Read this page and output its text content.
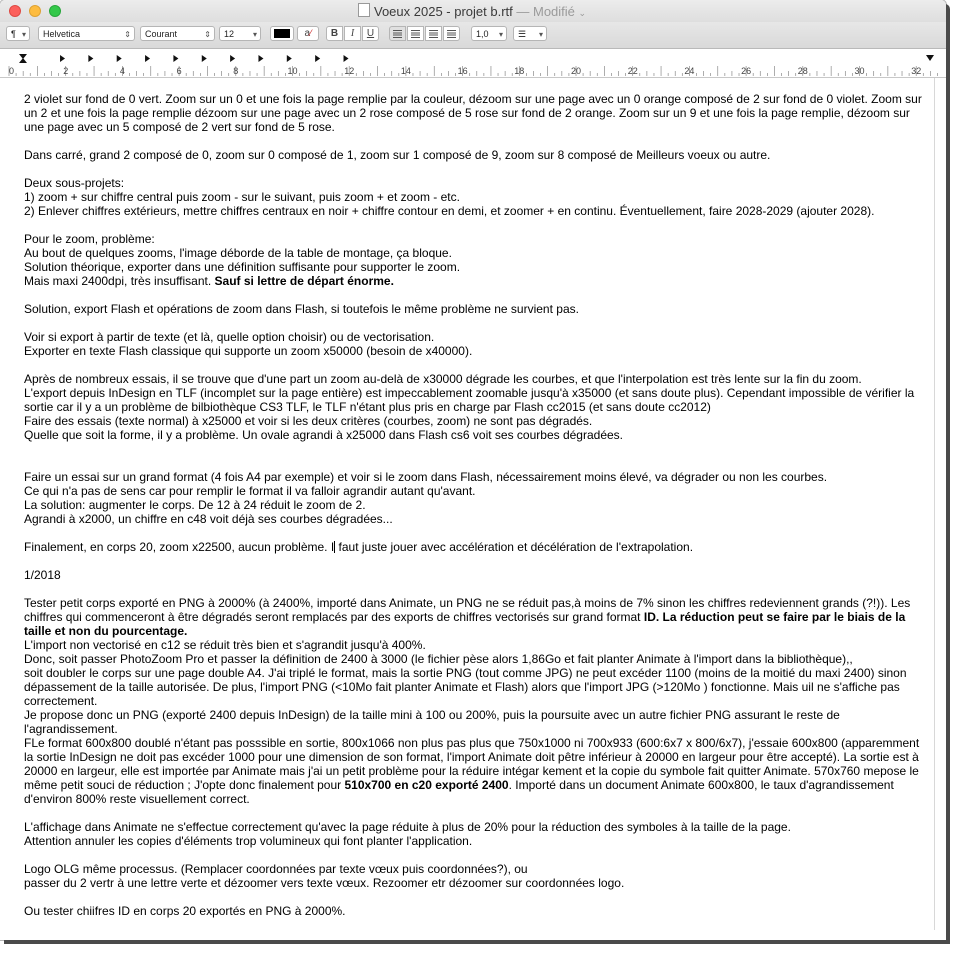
Voeux 2025 - projet b.rtf — Modifié ⌄
¶ ▾	Helvetica	⇕	Courant	⇕	12 ▾	a⁄	B	I	U	1,0 ▾	☰ ▾
0	2	4	6	8	10	12	14	16	18	20	22	24	26	28	30	32

2 violet sur fond de 0 vert. Zoom sur un 0 et une fois la page remplie par la couleur, dézoom sur une page avec un 0 orange composé de 2 sur fond de 0 violet. Zoom sur un 2 et une fois la page remplie dézoom sur une page avec un 2 rose composé de 5 rose sur fond de 2 orange. Zoom sur un 9 et une fois la page remplie, dézoom sur une page avec un 5 composé de 2 vert sur fond de 5 rose.

Dans carré, grand 2 composé de 0, zoom sur 0 composé de 1, zoom sur 1 composé de 9, zoom sur 8 composé de Meilleurs voeux ou autre.

Deux sous-projets:

1) zoom + sur chiffre central puis zoom - sur le suivant, puis zoom + et zoom - etc.

2) Enlever chiffres extérieurs, mettre chiffres centraux en noir + chiffre contour en demi, et zoomer + en continu. Éventuellement, faire 2028-2029 (ajouter 2028).

Pour le zoom, problème:

Au bout de quelques zooms, l'image déborde de la table de montage, ça bloque.

Solution théorique, exporter dans une définition suffisante pour supporter le zoom.

Mais maxi 2400dpi, très insuffisant. Sauf si lettre de départ énorme.

Solution, export Flash et opérations de zoom dans Flash, si toutefois le même problème ne survient pas.

Voir si export à partir de texte (et là, quelle option choisir) ou de vectorisation.

Exporter en texte Flash classique qui supporte un zoom x50000 (besoin de x40000).

Après de nombreux essais, il se trouve que d'une part un zoom au-delà de x30000 dégrade les courbes, et que l'interpolation est très lente sur la fin du zoom.

L'export depuis InDesign en TLF (incomplet sur la page entière) est impeccablement zoomable jusqu'à x35000 (et sans doute plus). Cependant impossible de vérifier la sortie car il y a un problème de bilbiothèque CS3 TLF, le TLF n'étant plus pris en charge par Flash cc2015 (et sans doute cc2012)

Faire des essais (texte normal) à x25000 et voir si les deux critères (courbes, zoom) ne sont pas dégradés.

Quelle que soit la forme, il y a problème. Un ovale agrandi à x25000 dans Flash cs6 voit ses courbes dégradées.

Faire un essai sur un grand format (4 fois A4 par exemple) et voir si le zoom dans Flash, nécessairement moins élevé, va dégrader ou non les courbes.

Ce qui n'a pas de sens car pour remplir le format il va falloir agrandir autant qu'avant.

La solution: augmenter le corps. De 12 à 24 réduit le zoom de 2.

Agrandi à x2000, un chiffre en c48 voit déjà ses courbes dégradées...

Finalement, en corps 20, zoom x22500, aucun problème. I faut juste jouer avec accélération et décélération de l'extrapolation.

1/2018

Tester petit corps exporté en PNG à 2000% (à 2400%, importé dans Animate, un PNG ne se réduit pas,à moins de 7% sinon les chiffres redeviennent grands (?!)). Les chiffres qui commenceront à être dégradés seront remplacés par des exports de chiffres vectorisés sur grand format ID. La réduction peut se faire par le biais de la taille et non du pourcentage.

L'import non vectorisé en c12 se réduit très bien et s'agrandit jusqu'à 400%.

Donc, soit passer PhotoZoom Pro et passer la définition de 2400 à 3000 (le fichier pèse alors 1,86Go et fait planter Animate à l'import dans la bibliothèque),,

soit doubler le corps sur une page double A4. J'ai triplé le format, mais la sortie PNG (tout comme JPG) ne peut excéder 1100 (moins de la moitié du maxi 2400) sinon dépassement de la taille autorisée. De plus, l'import PNG (<10Mo fait planter Animate et Flash) alors que l'import JPG (>120Mo ) fonctionne. Mais uil ne s'affiche pas correctement.

Je propose donc un PNG (exporté 2400 depuis InDesign) de la taille mini à 100 ou 200%, puis la poursuite avec un autre fichier PNG assurant le reste de l'agrandissement.

FLe format 600x800 doublé n'étant pas posssible en sortie, 800x1066 non plus pas plus que 750x1000 ni 700x933 (600:6x7 x 800/6x7), j'essaie 600x800 (apparemment la sortie InDesign ne doit pas excéder 1000 pour une dimension de son format, l'import Animate doit pêtre inférieur à 20000 en largeur pour être accepté). La sortie est à 20000 en largeur, elle est importée par Animate mais j'ai un petit problème pour la réduire intégar kement et la copie du symbole fait quitter Animate. 570x760 mepose le même petit souci de réduction ; J'opte donc finalement pour 510x700 en c20 exporté 2400. Importé dans un document Animate 600x800, le taux d'agrandissement d'environ 800% reste visuellement correct.

L'affichage dans Animate ne s'effectue correctement qu'avec la page réduite à plus de 20% pour la réduction des symboles à la taille de la page.

Attention annuler les copies d'éléments trop volumineux qui font planter l'application.

Logo OLG même processus. (Remplacer coordonnées par texte vœux puis coordonnées?), ou

passer du 2 vertr à une lettre verte et dézoomer vers texte vœux. Rezoomer etr dézoomer sur coordonnées logo.

Ou tester chiifres ID en corps 20 exportés en PNG à 2000%.
